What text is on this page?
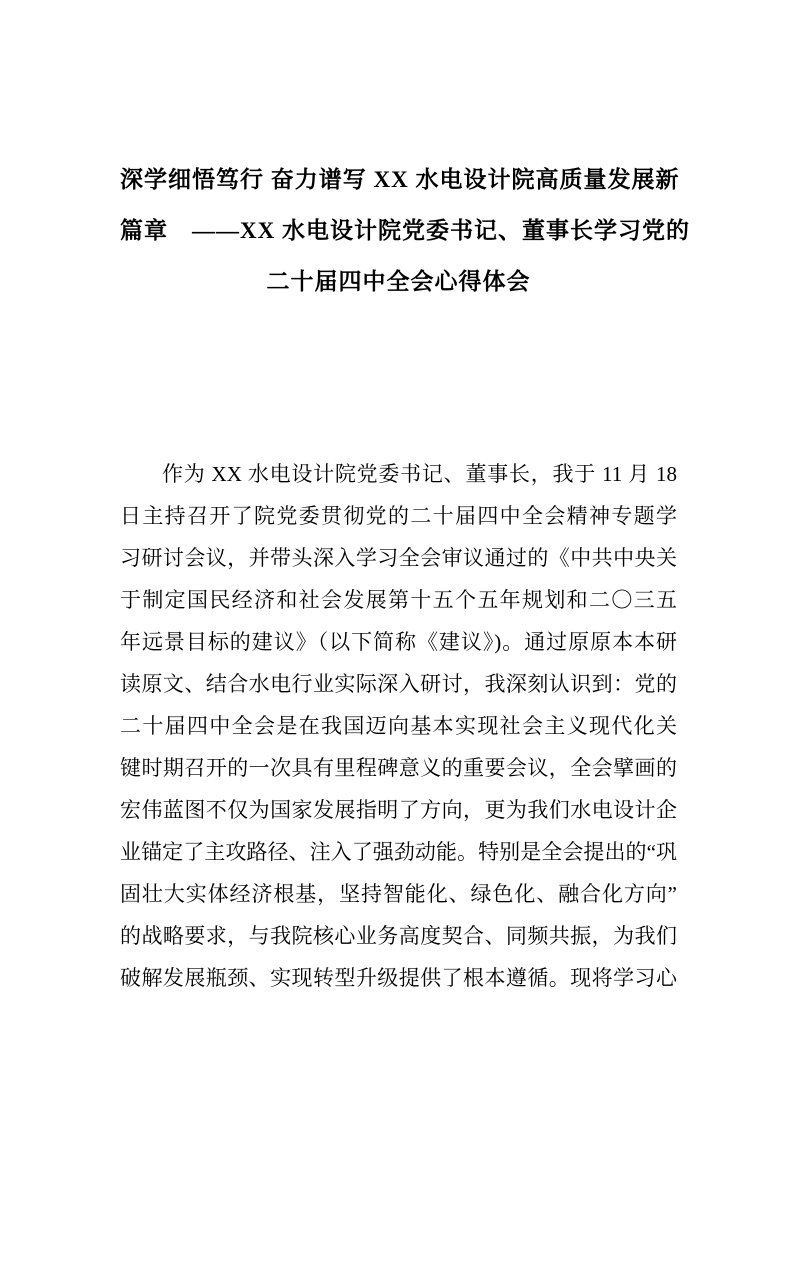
深学细悟笃行 奋力谱写 XX 水电设计院高质量发展新
篇章　——XX 水电设计院党委书记、董事长学习党的
二十届四中全会心得体会
作为 XX 水电设计院党委书记、董事长，我于 11 月 18
日主持召开了院党委贯彻党的二十届四中全会精神专题学
习研讨会议，并带头深入学习全会审议通过的《中共中央关
于制定国民经济和社会发展第十五个五年规划和二〇三五
年远景目标的建议》（以下简称《建议》)。通过原原本本研
读原文、结合水电行业实际深入研讨，我深刻认识到：党的
二十届四中全会是在我国迈向基本实现社会主义现代化关
键时期召开的一次具有里程碑意义的重要会议，全会擘画的
宏伟蓝图不仅为国家发展指明了方向，更为我们水电设计企
业锚定了主攻路径、注入了强劲动能。特别是全会提出的“巩
固壮大实体经济根基，坚持智能化、绿色化、融合化方向”
的战略要求，与我院核心业务高度契合、同频共振，为我们
破解发展瓶颈、实现转型升级提供了根本遵循。现将学习心
